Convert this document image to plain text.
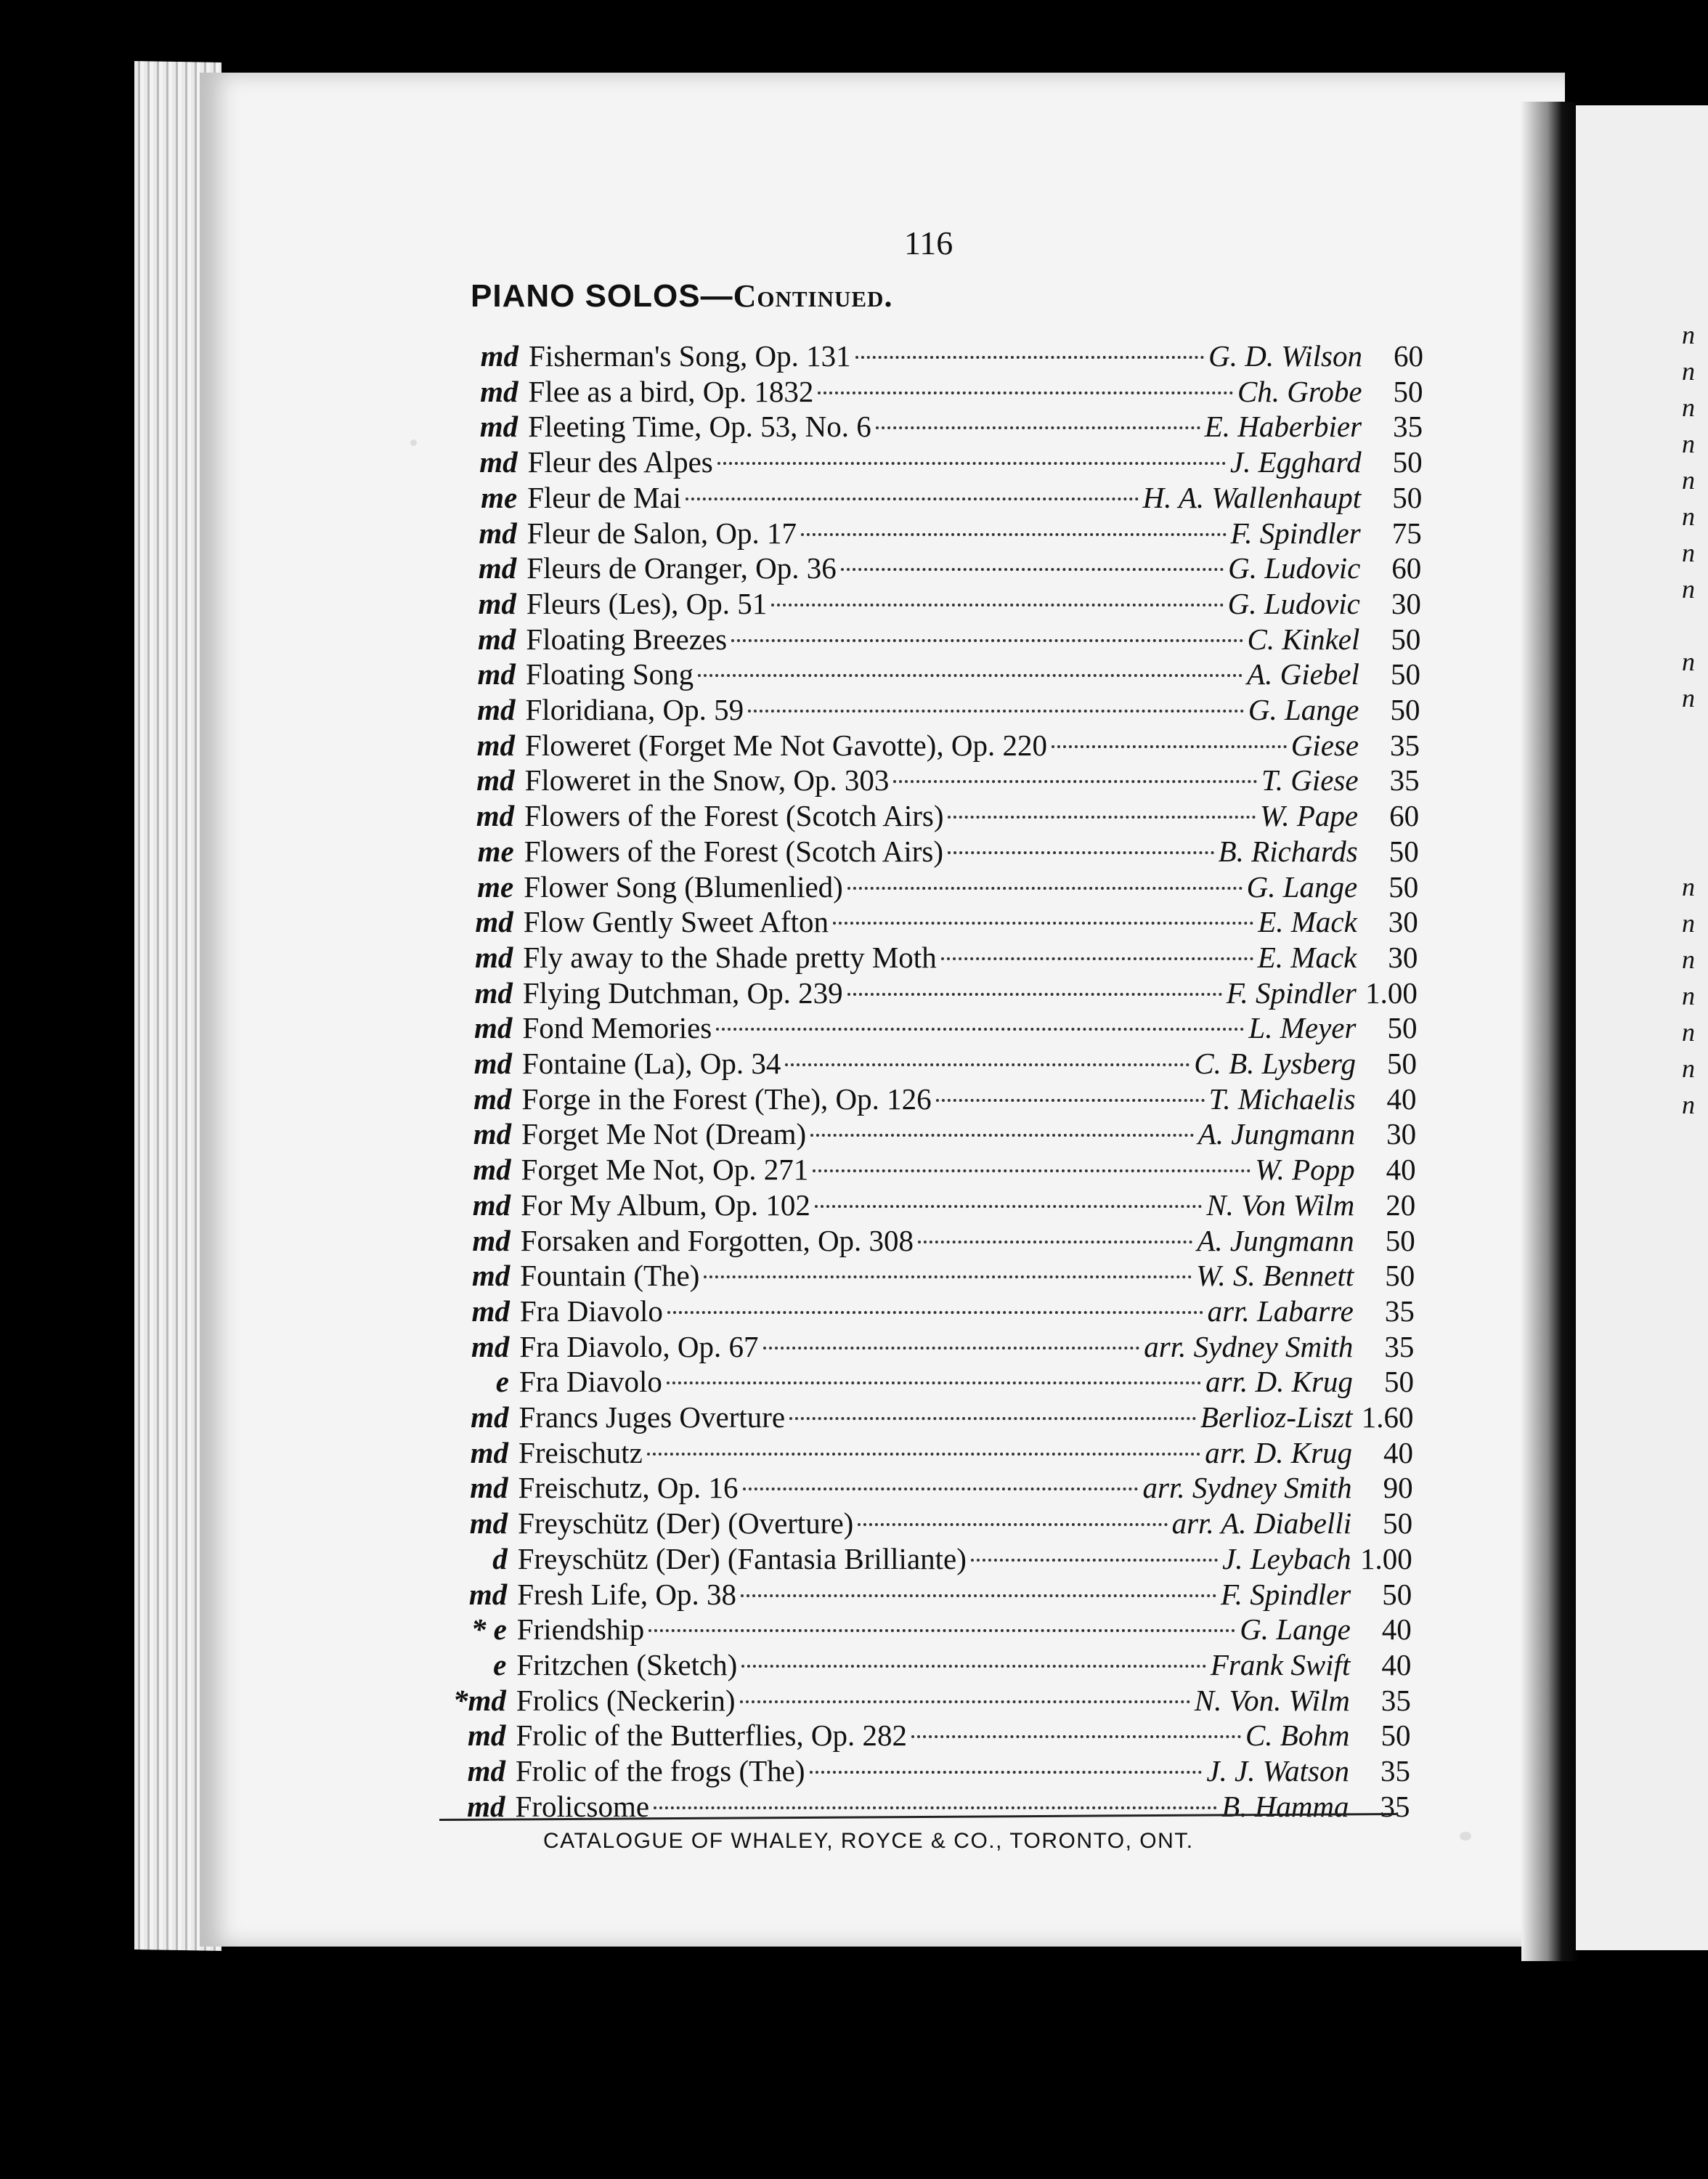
n
n
n
n
n
n
n
n
n
n
n
n
n
n
n
n
n
116
PIANO SOLOS—Continued.
md Fisherman's Song, Op. 131	G. D. Wilson	60
md Flee as a bird, Op. 1832	Ch. Grobe	50
md Fleeting Time, Op. 53, No. 6	E. Haberbier	35
md Fleur des Alpes	J. Egghard	50
me Fleur de Mai	H. A. Wallenhaupt	50
md Fleur de Salon, Op. 17	F. Spindler	75
md Fleurs de Oranger, Op. 36	G. Ludovic	60
md Fleurs (Les), Op. 51	G. Ludovic	30
md Floating Breezes	C. Kinkel	50
md Floating Song	A. Giebel	50
md Floridiana, Op. 59	G. Lange	50
md Floweret (Forget Me Not Gavotte), Op. 220	Giese	35
md Floweret in the Snow, Op. 303	T. Giese	35
md Flowers of the Forest (Scotch Airs)	W. Pape	60
me Flowers of the Forest (Scotch Airs)	B. Richards	50
me Flower Song (Blumenlied)	G. Lange	50
md Flow Gently Sweet Afton	E. Mack	30
md Fly away to the Shade pretty Moth	E. Mack	30
md Flying Dutchman, Op. 239	F. Spindler 1.00
md Fond Memories	L. Meyer	50
md Fontaine (La), Op. 34	C. B. Lysberg	50
md Forge in the Forest (The), Op. 126	T. Michaelis	40
md Forget Me Not (Dream)	A. Jungmann	30
md Forget Me Not, Op. 271	W. Popp	40
md For My Album, Op. 102	N. Von Wilm	20
md Forsaken and Forgotten, Op. 308	A. Jungmann	50
md Fountain (The)	W. S. Bennett	50
md Fra Diavolo	arr. Labarre	35
md Fra Diavolo, Op. 67	arr. Sydney Smith	35
e Fra Diavolo	arr. D. Krug	50
md Francs Juges Overture	Berlioz-Liszt 1.60
md Freischutz	arr. D. Krug	40
md Freischutz, Op. 16	arr. Sydney Smith	90
md Freyschütz (Der) (Overture)	arr. A. Diabelli	50
d Freyschütz (Der) (Fantasia Brilliante)	J. Leybach 1.00
md Fresh Life, Op. 38	F. Spindler	50
* e Friendship	G. Lange	40
e Fritzchen (Sketch)	Frank Swift	40
*md Frolics (Neckerin)	N. Von. Wilm	35
md Frolic of the Butterflies, Op. 282	C. Bohm	50
md Frolic of the frogs (The)	J. J. Watson	35
md Frolicsome	B. Hamma	35
CATALOGUE OF WHALEY, ROYCE & CO., TORONTO, ONT.
